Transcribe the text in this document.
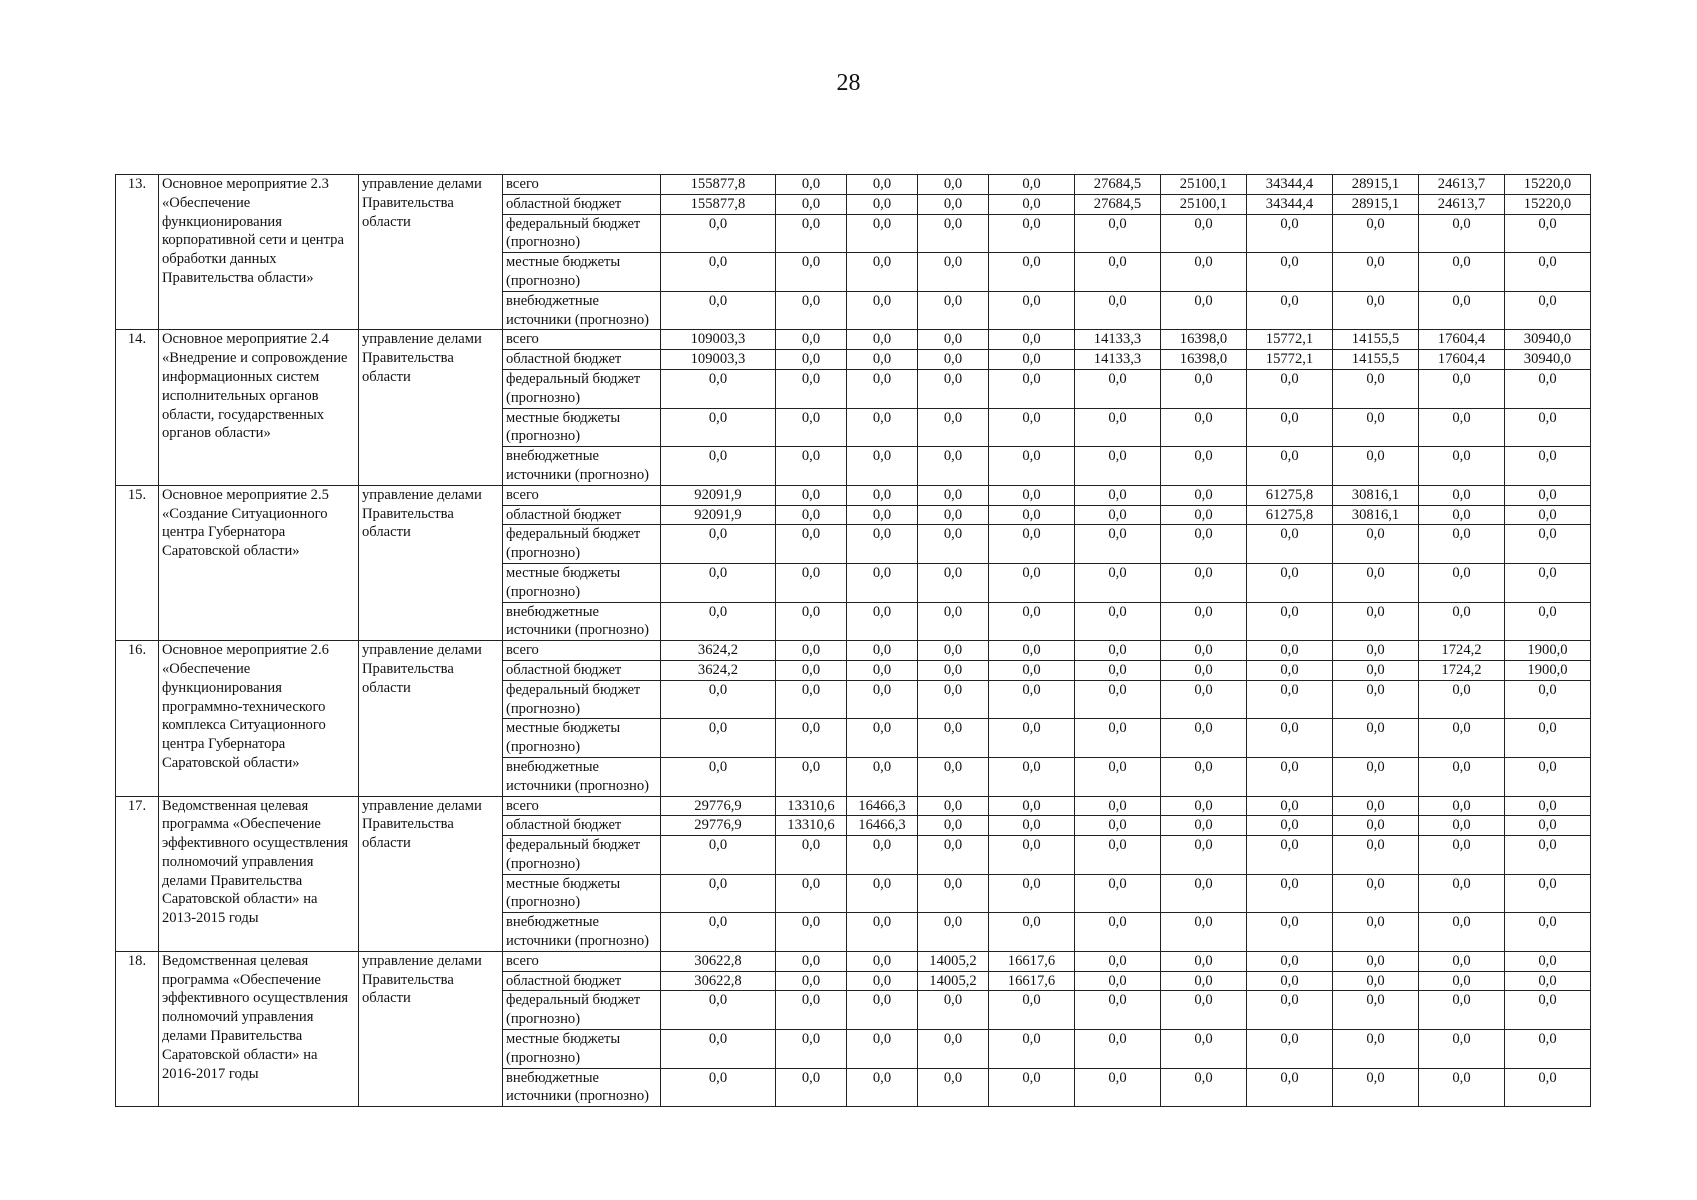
28
13.	Основное мероприятие 2.3 «Обеспечение функционирования корпоративной сети и центра обработки данных Правительства области»	управление делами Правительства области	всего	155877,8	0,0	0,0	0,0	0,0	27684,5	25100,1	34344,4	28915,1	24613,7	15220,0
			областной бюджет	155877,8	0,0	0,0	0,0	0,0	27684,5	25100,1	34344,4	28915,1	24613,7	15220,0
			федеральный бюджет (прогнозно)	0,0	0,0	0,0	0,0	0,0	0,0	0,0	0,0	0,0	0,0	0,0
			местные бюджеты (прогнозно)	0,0	0,0	0,0	0,0	0,0	0,0	0,0	0,0	0,0	0,0	0,0
			внебюджетные источники (прогнозно)	0,0	0,0	0,0	0,0	0,0	0,0	0,0	0,0	0,0	0,0	0,0
14.	Основное мероприятие 2.4 «Внедрение и сопровождение информационных систем исполнительных органов области, государственных органов области»	управление делами Правительства области	всего	109003,3	0,0	0,0	0,0	0,0	14133,3	16398,0	15772,1	14155,5	17604,4	30940,0
			областной бюджет	109003,3	0,0	0,0	0,0	0,0	14133,3	16398,0	15772,1	14155,5	17604,4	30940,0
			федеральный бюджет (прогнозно)	0,0	0,0	0,0	0,0	0,0	0,0	0,0	0,0	0,0	0,0	0,0
			местные бюджеты (прогнозно)	0,0	0,0	0,0	0,0	0,0	0,0	0,0	0,0	0,0	0,0	0,0
			внебюджетные источники (прогнозно)	0,0	0,0	0,0	0,0	0,0	0,0	0,0	0,0	0,0	0,0	0,0
15.	Основное мероприятие 2.5 «Создание Ситуационного центра Губернатора Саратовской области»	управление делами Правительства области	всего	92091,9	0,0	0,0	0,0	0,0	0,0	0,0	61275,8	30816,1	0,0	0,0
			областной бюджет	92091,9	0,0	0,0	0,0	0,0	0,0	0,0	61275,8	30816,1	0,0	0,0
			федеральный бюджет (прогнозно)	0,0	0,0	0,0	0,0	0,0	0,0	0,0	0,0	0,0	0,0	0,0
			местные бюджеты (прогнозно)	0,0	0,0	0,0	0,0	0,0	0,0	0,0	0,0	0,0	0,0	0,0
			внебюджетные источники (прогнозно)	0,0	0,0	0,0	0,0	0,0	0,0	0,0	0,0	0,0	0,0	0,0
16.	Основное мероприятие 2.6 «Обеспечение функционирования программно-технического комплекса Ситуационного центра Губернатора Саратовской области»	управление делами Правительства области	всего	3624,2	0,0	0,0	0,0	0,0	0,0	0,0	0,0	0,0	1724,2	1900,0
			областной бюджет	3624,2	0,0	0,0	0,0	0,0	0,0	0,0	0,0	0,0	1724,2	1900,0
			федеральный бюджет (прогнозно)	0,0	0,0	0,0	0,0	0,0	0,0	0,0	0,0	0,0	0,0	0,0
			местные бюджеты (прогнозно)	0,0	0,0	0,0	0,0	0,0	0,0	0,0	0,0	0,0	0,0	0,0
			внебюджетные источники (прогнозно)	0,0	0,0	0,0	0,0	0,0	0,0	0,0	0,0	0,0	0,0	0,0
17.	Ведомственная целевая программа «Обеспечение эффективного осуществления полномочий управления делами Правительства Саратовской области» на 2013-2015 годы	управление делами Правительства области	всего	29776,9	13310,6	16466,3	0,0	0,0	0,0	0,0	0,0	0,0	0,0	0,0
			областной бюджет	29776,9	13310,6	16466,3	0,0	0,0	0,0	0,0	0,0	0,0	0,0	0,0
			федеральный бюджет (прогнозно)	0,0	0,0	0,0	0,0	0,0	0,0	0,0	0,0	0,0	0,0	0,0
			местные бюджеты (прогнозно)	0,0	0,0	0,0	0,0	0,0	0,0	0,0	0,0	0,0	0,0	0,0
			внебюджетные источники (прогнозно)	0,0	0,0	0,0	0,0	0,0	0,0	0,0	0,0	0,0	0,0	0,0
18.	Ведомственная целевая программа «Обеспечение эффективного осуществления полномочий управления делами Правительства Саратовской области» на 2016-2017 годы	управление делами Правительства области	всего	30622,8	0,0	0,0	14005,2	16617,6	0,0	0,0	0,0	0,0	0,0	0,0
			областной бюджет	30622,8	0,0	0,0	14005,2	16617,6	0,0	0,0	0,0	0,0	0,0	0,0
			федеральный бюджет (прогнозно)	0,0	0,0	0,0	0,0	0,0	0,0	0,0	0,0	0,0	0,0	0,0
			местные бюджеты (прогнозно)	0,0	0,0	0,0	0,0	0,0	0,0	0,0	0,0	0,0	0,0	0,0
			внебюджетные источники (прогнозно)	0,0	0,0	0,0	0,0	0,0	0,0	0,0	0,0	0,0	0,0	0,0
